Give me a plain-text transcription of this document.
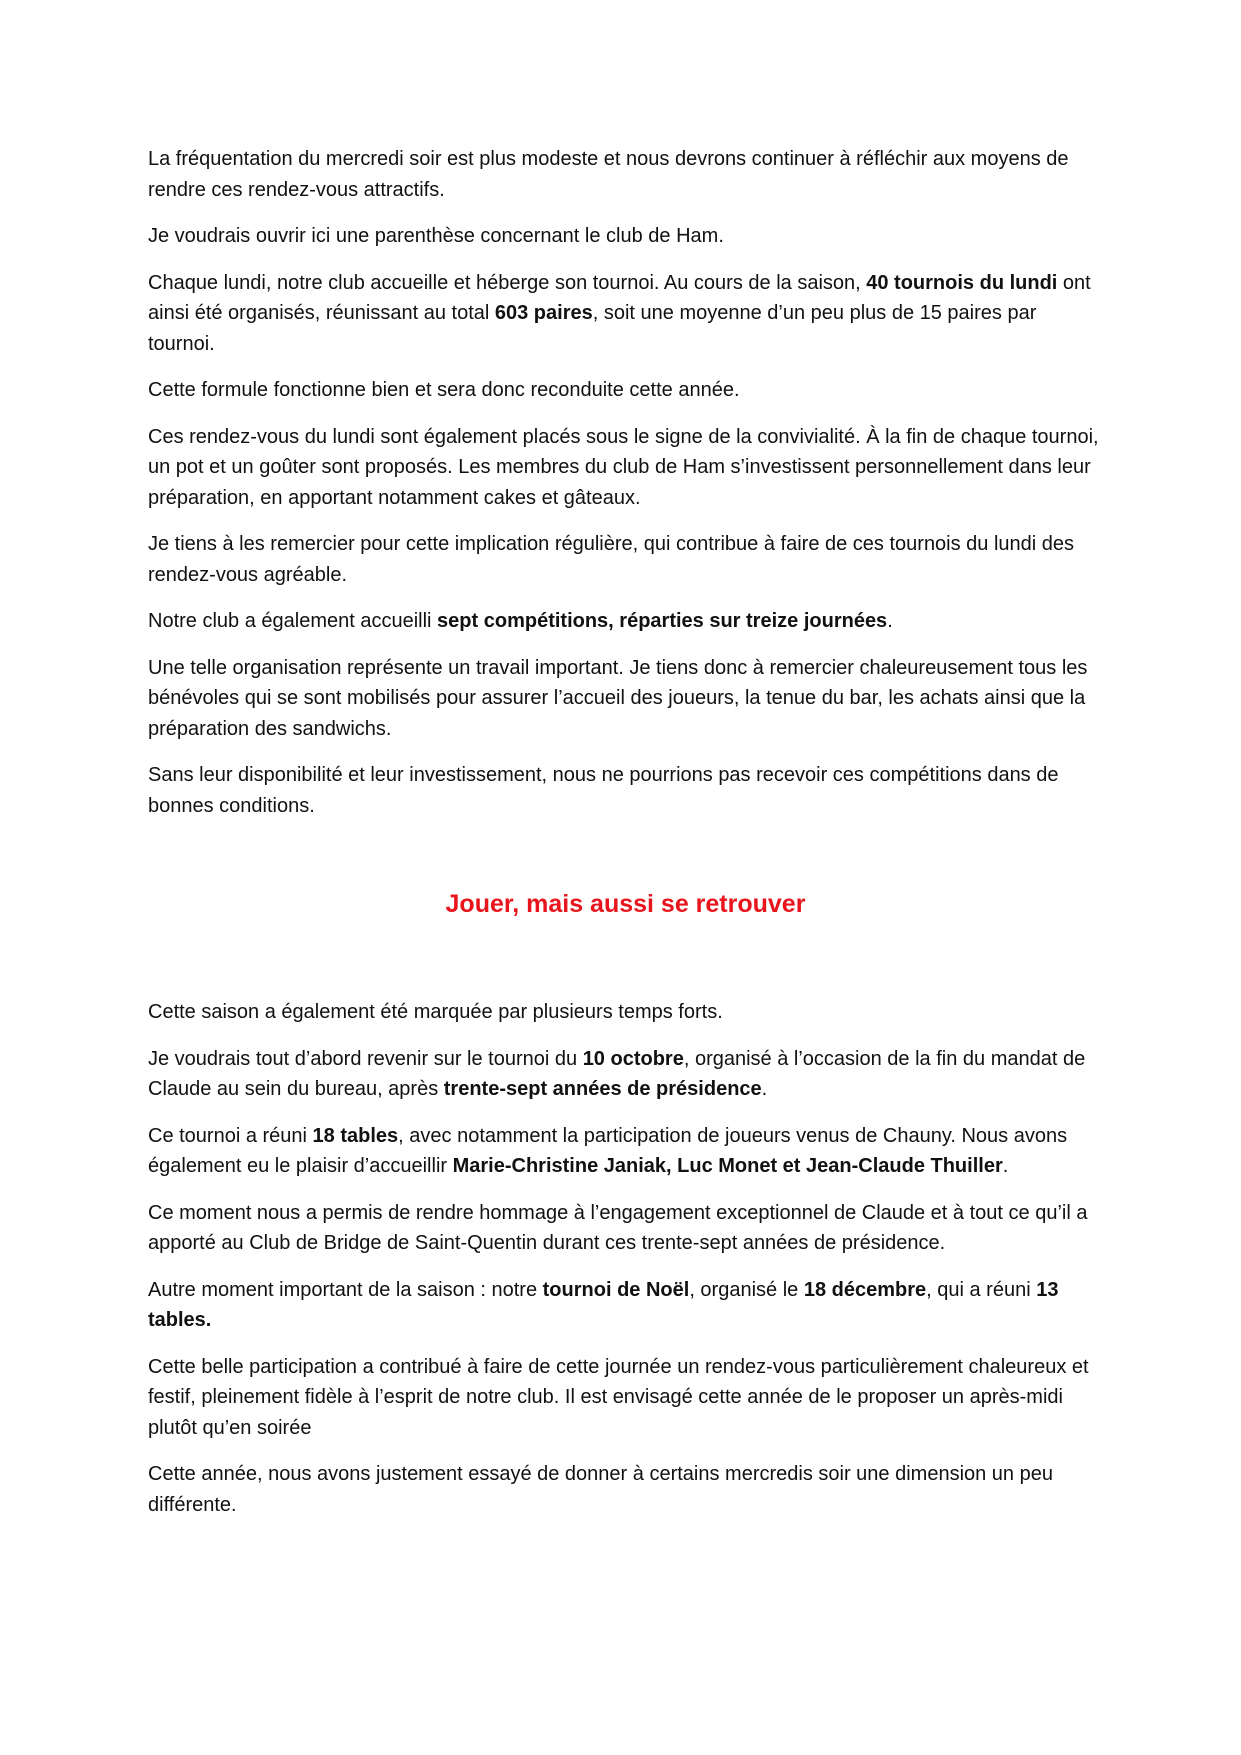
La fréquentation du mercredi soir est plus modeste et nous devrons continuer à réfléchir aux moyens de rendre ces rendez-vous attractifs.

Je voudrais ouvrir ici une parenthèse concernant le club de Ham.

Chaque lundi, notre club accueille et héberge son tournoi. Au cours de la saison, 40 tournois du lundi ont ainsi été organisés, réunissant au total 603 paires, soit une moyenne d’un peu plus de 15 paires par tournoi.

Cette formule fonctionne bien et sera donc reconduite cette année.

Ces rendez-vous du lundi sont également placés sous le signe de la convivialité. À la fin de chaque tournoi, un pot et un goûter sont proposés. Les membres du club de Ham s’investissent personnellement dans leur préparation, en apportant notamment cakes et gâteaux.

Je tiens à les remercier pour cette implication régulière, qui contribue à faire de ces tournois du lundi des rendez-vous agréable.

Notre club a également accueilli sept compétitions, réparties sur treize journées.

Une telle organisation représente un travail important. Je tiens donc à remercier chaleureusement tous les bénévoles qui se sont mobilisés pour assurer l’accueil des joueurs, la tenue du bar, les achats ainsi que la préparation des sandwichs.

Sans leur disponibilité et leur investissement, nous ne pourrions pas recevoir ces compétitions dans de bonnes conditions.

Jouer, mais aussi se retrouver

Cette saison a également été marquée par plusieurs temps forts.

Je voudrais tout d’abord revenir sur le tournoi du 10 octobre, organisé à l’occasion de la fin du mandat de Claude au sein du bureau, après trente-sept années de présidence.

Ce tournoi a réuni 18 tables, avec notamment la participation de joueurs venus de Chauny. Nous avons également eu le plaisir d’accueillir Marie-Christine Janiak, Luc Monet et Jean-Claude Thuiller.

Ce moment nous a permis de rendre hommage à l’engagement exceptionnel de Claude et à tout ce qu’il a apporté au Club de Bridge de Saint-Quentin durant ces trente-sept années de présidence.

Autre moment important de la saison : notre tournoi de Noël, organisé le 18 décembre, qui a réuni 13 tables.

Cette belle participation a contribué à faire de cette journée un rendez-vous particulièrement chaleureux et festif, pleinement fidèle à l’esprit de notre club. Il est envisagé cette année de le proposer un après-midi plutôt qu’en soirée

Cette année, nous avons justement essayé de donner à certains mercredis soir une dimension un peu différente.
